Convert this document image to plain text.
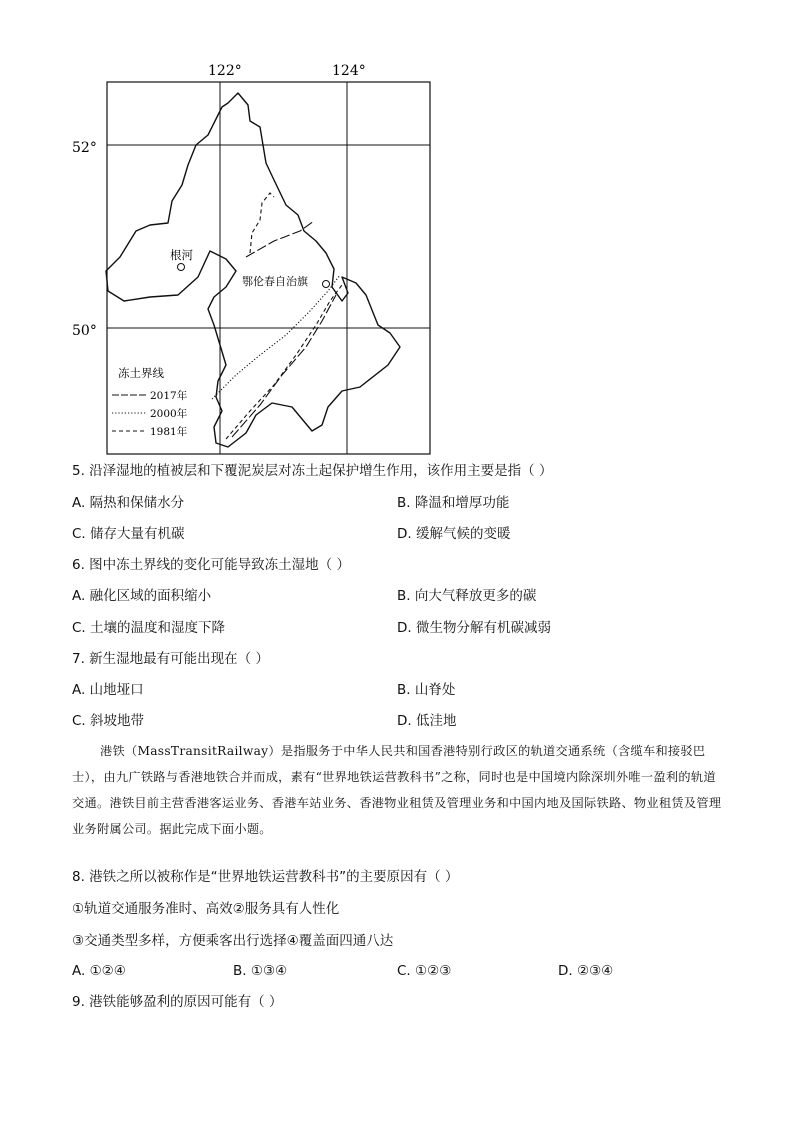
122°	124°
52°
50°
根河
鄂伦春自治旗
冻土界线
2017年
2000年
1981年
5. 沿泽湿地的植被层和下覆泥炭层对冻土起保护增生作用，该作用主要是指（ ）
A. 隔热和保储水分	B. 降温和增厚功能
C. 储存大量有机碳	D. 缓解气候的变暖
6. 图中冻土界线的变化可能导致冻土湿地（ ）
A. 融化区域的面积缩小	B. 向大气释放更多的碳
C. 土壤的温度和湿度下降	D. 微生物分解有机碳减弱
7. 新生湿地最有可能出现在（ ）
A. 山地垭口	B. 山脊处
C. 斜坡地带	D. 低洼地
港铁（MassTransitRailway）是指服务于中华人民共和国香港特别行政区的轨道交通系统（含缆车和接驳巴士），由九广铁路与香港地铁合并而成，素有“世界地铁运营教科书”之称，同时也是中国境内除深圳外唯一盈利的轨道交通。港铁目前主营香港客运业务、香港车站业务、香港物业租赁及管理业务和中国内地及国际铁路、物业租赁及管理业务附属公司。据此完成下面小题。
8. 港铁之所以被称作是“世界地铁运营教科书”的主要原因有（ ）
①轨道交通服务准时、高效②服务具有人性化
③交通类型多样，方便乘客出行选择④覆盖面四通八达
A. ①②④	B. ①③④	C. ①②③	D. ②③④
9. 港铁能够盈利的原因可能有（ ）
